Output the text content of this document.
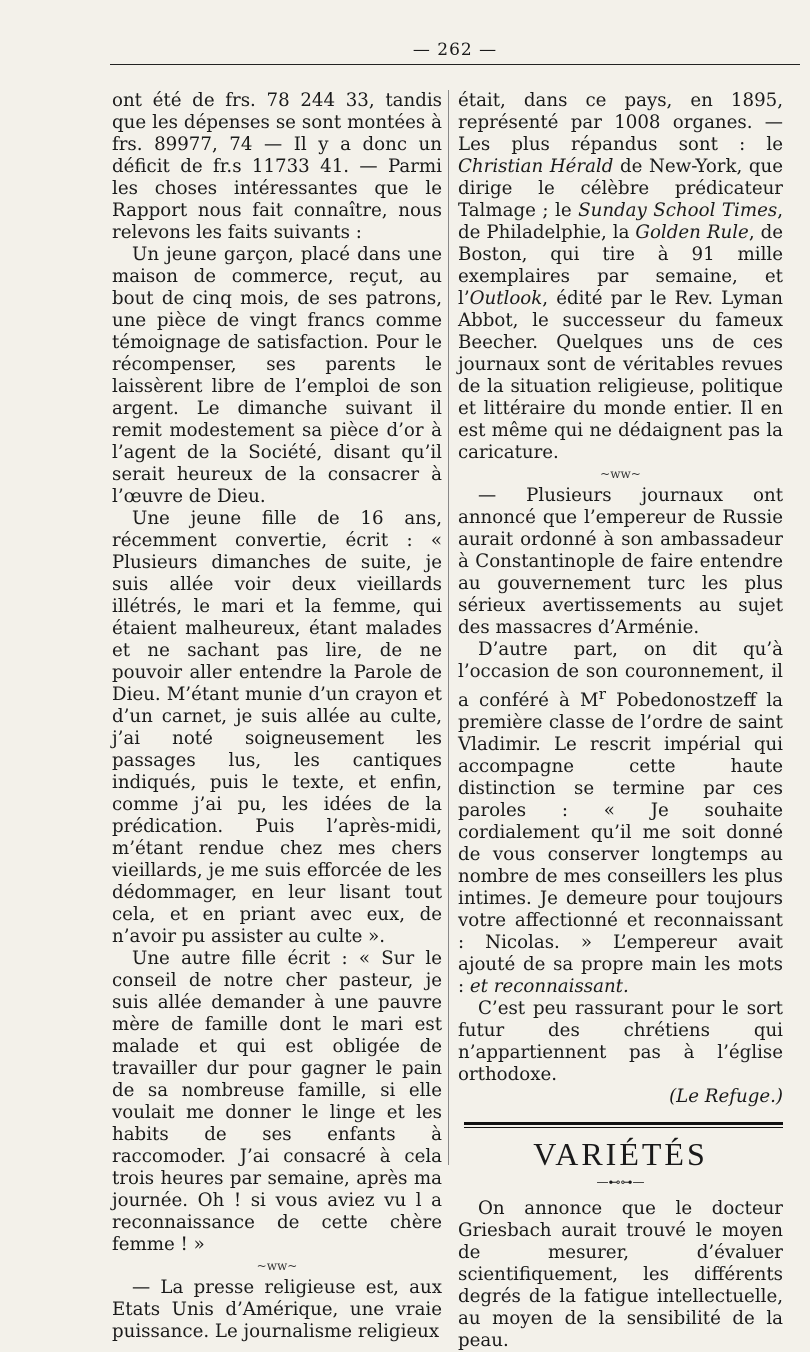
— 262 —

ont été de frs. 78 244 33, tandis que les dépenses se sont montées à frs. 89977, 74 — Il y a donc un déficit de fr.s 11733 41. — Parmi les choses intéressantes que le Rapport nous fait connaître, nous relevons les faits suivants :

Un jeune garçon, placé dans une maison de commerce, reçut, au bout de cinq mois, de ses patrons, une pièce de vingt francs comme témoignage de satisfaction. Pour le récompenser, ses parents le laissèrent libre de l’emploi de son argent. Le dimanche suivant il remit modestement sa pièce d’or à l’agent de la Société, disant qu’il serait heureux de la consacrer à l’œuvre de Dieu.

Une jeune fille de 16 ans, récemment convertie, écrit : « Plusieurs dimanches de suite, je suis allée voir deux vieillards illétrés, le mari et la femme, qui étaient malheureux, étant malades et ne sachant pas lire, de ne pouvoir aller entendre la Parole de Dieu. M’étant munie d’un crayon et d’un carnet, je suis allée au culte, j’ai noté soigneusement les passages lus, les cantiques indiqués, puis le texte, et enfin, comme j’ai pu, les idées de la prédication. Puis l’après-midi, m’étant rendue chez mes chers vieillards, je me suis efforcée de les dédommager, en leur lisant tout cela, et en priant avec eux, de n’avoir pu assister au culte ».

Une autre fille écrit : « Sur le conseil de notre cher pasteur, je suis allée demander à une pauvre mère de famille dont le mari est malade et qui est obligée de travailler dur pour gagner le pain de sa nombreuse famille, si elle voulait me donner le linge et les habits de ses enfants à raccomoder. J’ai consacré à cela trois heures par semaine, après ma journée. Oh ! si vous aviez vu l a reconnaissance de cette chère femme ! »

~ww~

— La presse religieuse est, aux Etats Unis d’Amérique, une vraie puissance. Le journalisme religieux

était, dans ce pays, en 1895, représenté par 1008 organes. — Les plus répandus sont : le Christian Hérald de New-York, que dirige le célèbre prédicateur Talmage ; le Sunday School Times, de Philadelphie, la Golden Rule, de Boston, qui tire à 91 mille exemplaires par semaine, et l’Outlook, édité par le Rev. Lyman Abbot, le successeur du fameux Beecher. Quelques uns de ces journaux sont de véritables revues de la situation religieuse, politique et littéraire du monde entier. Il en est même qui ne dédaignent pas la caricature.

~ww~

— Plusieurs journaux ont annoncé que l’empereur de Russie aurait ordonné à son ambassadeur à Constantinople de faire entendre au gouvernement turc les plus sérieux avertissements au sujet des massacres d’Arménie.

D’autre part, on dit qu’à l’occasion de son couronnement, il a conféré à $M^r$ Pobedonostzeff la première classe de l’ordre de saint Vladimir. Le rescrit impérial qui accompagne cette haute distinction se termine par ces paroles : « Je souhaite cordialement qu’il me soit donné de vous conserver longtemps au nombre de mes conseillers les plus intimes. Je demeure pour toujours votre affectionné et reconnaissant : Nicolas. » L’empereur avait ajouté de sa propre main les mots : et reconnaissant.

C’est peu rassurant pour le sort futur des chrétiens qui n’appartiennent pas à l’église orthodoxe.

(Le Refuge.)
VARIÉTÉS
—⊷⊶—

On annonce que le docteur Griesbach aurait trouvé le moyen de mesurer, d’évaluer scientifiquement, les différents degrés de la fatigue intellectuelle, au moyen de la sensibilité de la peau.
